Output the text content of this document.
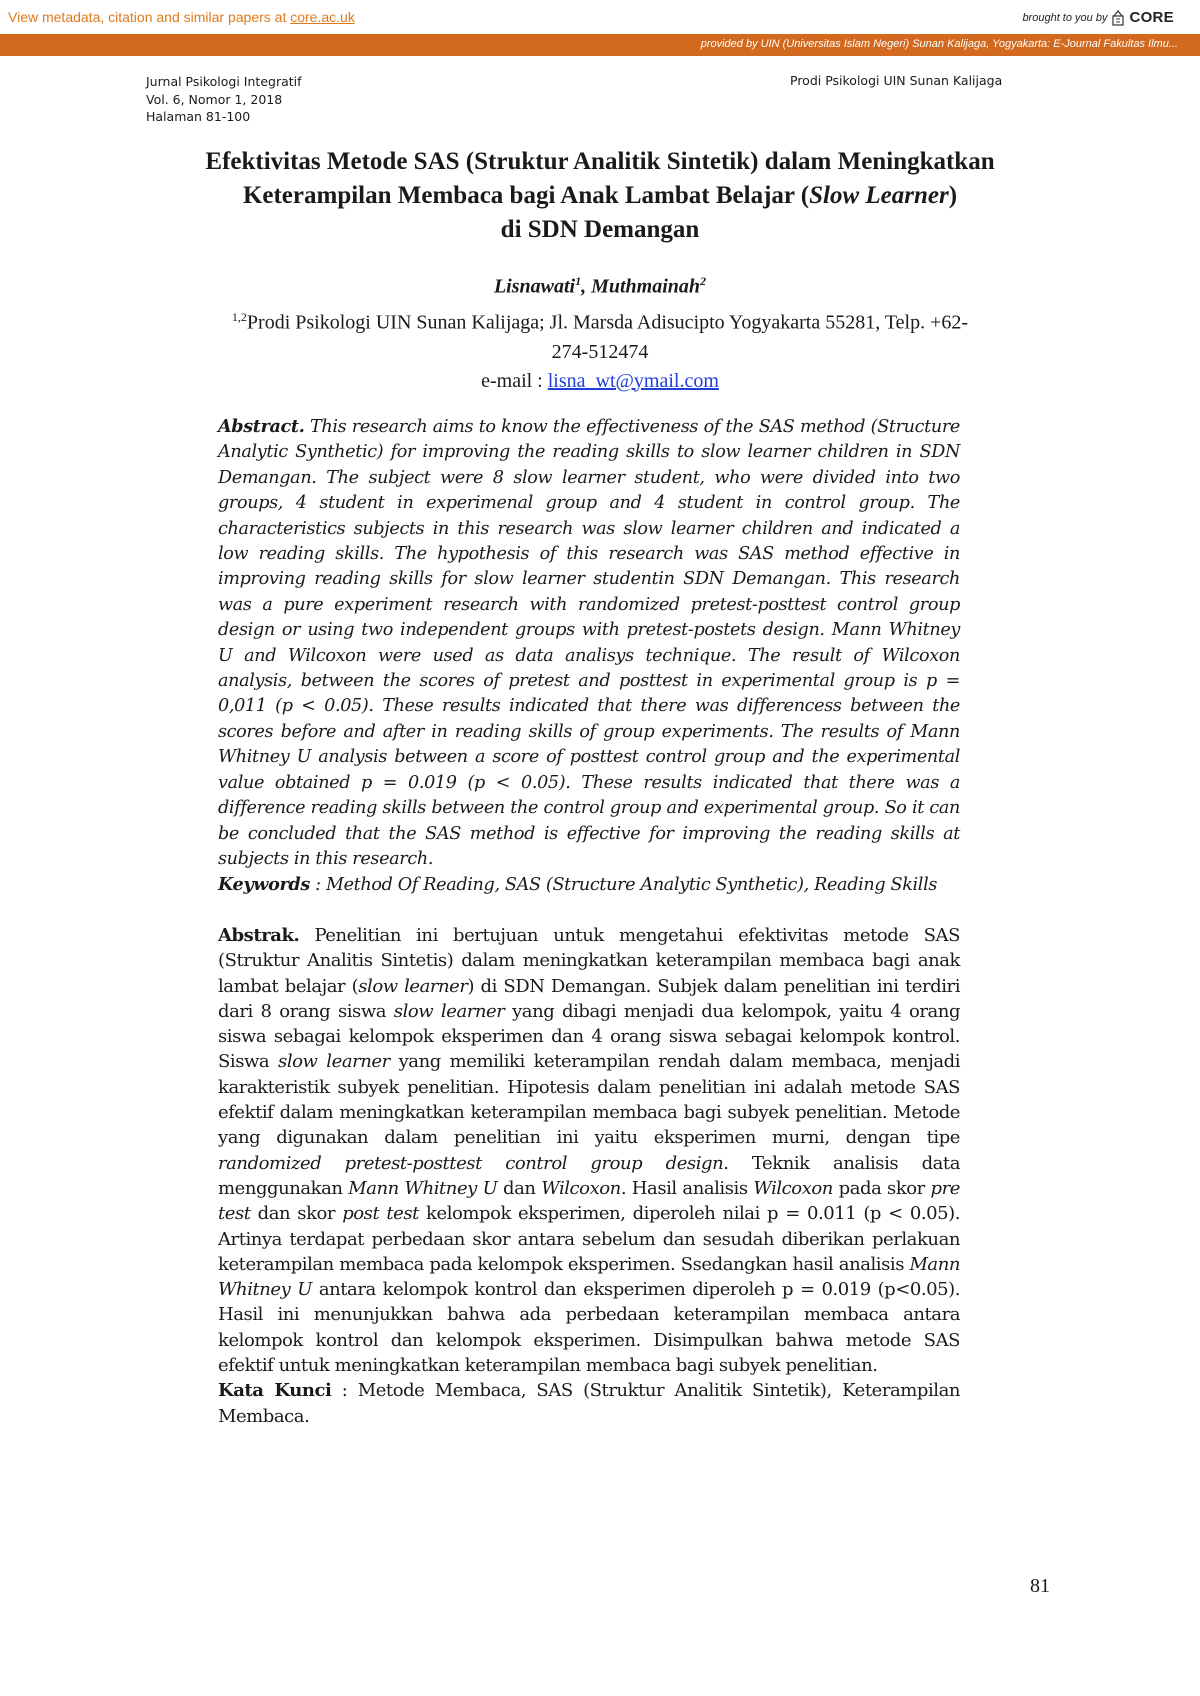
View metadata, citation and similar papers at core.ac.uk	brought to you by CORE
provided by UIN (Universitas Islam Negeri) Sunan Kalijaga, Yogyakarta: E-Journal Fakultas Ilmu...
Jurnal Psikologi Integratif
Vol. 6, Nomor 1, 2018
Halaman 81-100
Prodi Psikologi UIN Sunan Kalijaga
Efektivitas Metode SAS (Struktur Analitik Sintetik) dalam Meningkatkan
Keterampilan Membaca bagi Anak Lambat Belajar (Slow Learner)
di SDN Demangan
Lisnawati$^1$, Muthmainah$^2$
$^{1,2}$Prodi Psikologi UIN Sunan Kalijaga; Jl. Marsda Adisucipto Yogyakarta 55281, Telp. +62-
274-512474
e-mail : lisna_wt@ymail.com
Abstract. This research aims to know the effectiveness of the SAS method (Structure Analytic Synthetic) for improving the reading skills to slow learner children in SDN Demangan. The subject were 8 slow learner student, who were divided into two groups, 4 student in experimenal group and 4 student in control group. The characteristics subjects in this research was slow learner children and indicated a low reading skills. The hypothesis of this research was SAS method effective in improving reading skills for slow learner studentin SDN Demangan. This research was a pure experiment research with randomized pretest-posttest control group design or using two independent groups with pretest-postets design. Mann Whitney U and Wilcoxon were used as data analisys technique. The result of Wilcoxon analysis, between the scores of pretest and posttest in experimental group is p = 0,011 (p < 0.05). These results indicated that there was differencess between the scores before and after in reading skills of group experiments. The results of Mann Whitney U analysis between a score of posttest control group and the experimental value obtained p = 0.019 (p < 0.05). These results indicated that there was a difference reading skills between the control group and experimental group. So it can be concluded that the SAS method is effective for improving the reading skills at subjects in this research.
Keywords : Method Of Reading, SAS (Structure Analytic Synthetic), Reading Skills
Abstrak. Penelitian ini bertujuan untuk mengetahui efektivitas metode SAS (Struktur Analitis Sintetis) dalam meningkatkan keterampilan membaca bagi anak lambat belajar (slow learner) di SDN Demangan. Subjek dalam penelitian ini terdiri dari 8 orang siswa slow learner yang dibagi menjadi dua kelompok, yaitu 4 orang siswa sebagai kelompok eksperimen dan 4 orang siswa sebagai kelompok kontrol. Siswa slow learner yang memiliki keterampilan rendah dalam membaca, menjadi karakteristik subyek penelitian. Hipotesis dalam penelitian ini adalah metode SAS efektif dalam meningkatkan keterampilan membaca bagi subyek penelitian. Metode yang digunakan dalam penelitian ini yaitu eksperimen murni, dengan tipe randomized pretest-posttest control group design. Teknik analisis data menggunakan Mann Whitney U dan Wilcoxon. Hasil analisis Wilcoxon pada skor pre test dan skor post test kelompok eksperimen, diperoleh nilai p = 0.011 (p < 0.05). Artinya terdapat perbedaan skor antara sebelum dan sesudah diberikan perlakuan keterampilan membaca pada kelompok eksperimen. Ssedangkan hasil analisis Mann Whitney U antara kelompok kontrol dan eksperimen diperoleh p = 0.019 (p<0.05). Hasil ini menunjukkan bahwa ada perbedaan keterampilan membaca antara kelompok kontrol dan kelompok eksperimen. Disimpulkan bahwa metode SAS efektif untuk meningkatkan keterampilan membaca bagi subyek penelitian.
Kata Kunci : Metode Membaca, SAS (Struktur Analitik Sintetik), Keterampilan Membaca.
81
